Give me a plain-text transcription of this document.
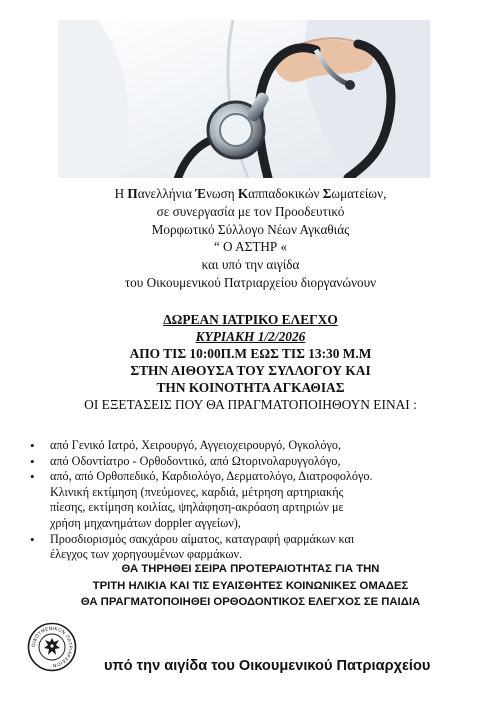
Η Πανελλήνια Ένωση Καππαδοκικών Σωματείων,
σε συνεργασία με τον Προοδευτικό
Μορφωτικό Σύλλογο Νέων Αγκαθιάς
“ Ο ΑΣΤΗΡ «
και υπό την αιγίδα
του Οικουμενικού Πατριαρχείου διοργανώνουν
ΔΩΡΕΑΝ ΙΑΤΡΙΚΟ ΕΛΕΓΧΟ
ΚΥΡΙΑΚΗ 1/2/2026
ΑΠΟ ΤΙΣ 10:00Π.Μ ΕΩΣ ΤΙΣ 13:30 Μ.Μ
ΣΤΗΝ ΑΙΘΟΥΣΑ ΤΟΥ ΣΥΛΛΟΓΟΥ ΚΑΙ
ΤΗΝ ΚΟΙΝΟΤΗΤΑ ΑΓΚΑΘΙΑΣ
ΟΙ ΕΞΕΤΑΣΕΙΣ ΠΟΥ ΘΑ ΠΡΑΓΜΑΤΟΠΟΙΗΘΟΥΝ ΕΙΝΑΙ :
• από Γενικό Ιατρό, Χειρουργό, Αγγειοχειρουργό, Ογκολόγο,
• από Οδοντίατρο - Ορθοδοντικό, από Ωτορινολαρυγγολόγο,
• από, από Ορθοπεδικό, Καρδιολόγο, Δερματολόγο, Διατροφολόγο.
Κλινική εκτίμηση (πνεύμονες, καρδιά, μέτρηση αρτηριακής
πίεσης, εκτίμηση κοιλίας, ψηλάφηση-ακρόαση αρτηριών με
χρήση μηχανημάτων doppler αγγείων),
• Προσδιορισμός σακχάρου αίματος, καταγραφή φαρμάκων και
έλεγχος των χορηγουμένων φαρμάκων.
ΘΑ ΤΗΡΗΘΕΙ ΣΕΙΡΑ ΠΡΟΤΕΡΑΙΟΤΗΤΑΣ ΓΙΑ ΤΗΝ
ΤΡΙΤΗ ΗΛΙΚΙΑ ΚΑΙ ΤΙΣ ΕΥΑΙΣΘΗΤΕΣ ΚΟΙΝΩΝΙΚΕΣ ΟΜΑΔΕΣ
ΘΑ ΠΡΑΓΜΑΤΟΠΟΙΗΘΕΙ ΟΡΘΟΔΟΝΤΙΚΟΣ ΕΛΕΓΧΟΣ ΣΕ ΠΑΙΔΙΑ
ΟΙΚΟΥΜΕΝΙΚΟΝ ΠΑΤΡΙΑΡΧΕΙΟΝ	υπό την αιγίδα του Οικουμενικού Πατριαρχείου
